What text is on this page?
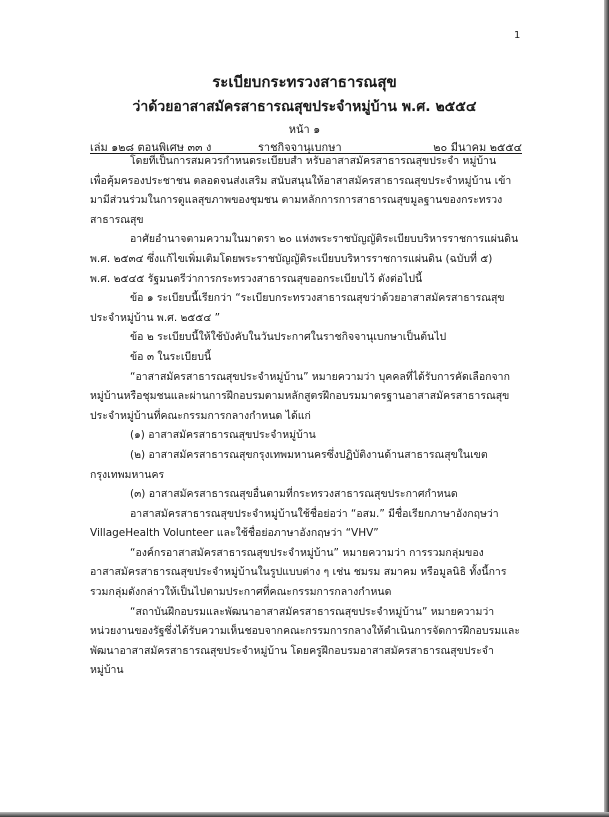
1
ระเบียบกระทรวงสาธารณสุข
ว่าด้วยอาสาสมัครสาธารณสุขประจำหมู่บ้าน พ.ศ. ๒๕๕๔
หน้า ๑
เล่ม ๑๒๘ ตอนพิเศษ ๓๓ ง	ราชกิจจานุเบกษา	๒๐ มีนาคม ๒๕๕๔
โดยที่เป็นการสมควรกำหนดระเบียบสำ หรับอาสาสมัครสาธารณสุขประจำ หมู่บ้าน
เพื่อคุ้มครองประชาชน ตลอดจนส่งเสริม สนับสนุนให้อาสาสมัครสาธารณสุขประจำหมู่บ้าน เข้า
มามีส่วนร่วมในการดูแลสุขภาพของชุมชน ตามหลักการการสาธารณสุขมูลฐานของกระทรวง
สาธารณสุข
อาศัยอำนาจตามความในมาตรา ๒๐ แห่งพระราชบัญญัติระเบียบบริหารราชการแผ่นดิน
พ.ศ. ๒๕๓๔ ซึ่งแก้ไขเพิ่มเติมโดยพระราชบัญญัติระเบียบบริหารราชการแผ่นดิน (ฉบับที่ ๕)
พ.ศ. ๒๕๔๕ รัฐมนตรีว่าการกระทรวงสาธารณสุขออกระเบียบไว้ ดังต่อไปนี้
ข้อ ๑ ระเบียบนี้เรียกว่า “ระเบียบกระทรวงสาธารณสุขว่าด้วยอาสาสมัครสาธารณสุข
ประจำหมู่บ้าน พ.ศ. ๒๕๕๔ ”
ข้อ ๒ ระเบียบนี้ให้ใช้บังคับในวันประกาศในราชกิจจานุเบกษาเป็นต้นไป
ข้อ ๓ ในระเบียบนี้
“อาสาสมัครสาธารณสุขประจำหมู่บ้าน” หมายความว่า บุคคลที่ได้รับการคัดเลือกจาก
หมู่บ้านหรือชุมชนและผ่านการฝึกอบรมตามหลักสูตรฝึกอบรมมาตรฐานอาสาสมัครสาธารณสุข
ประจำหมู่บ้านที่คณะกรรมการกลางกำหนด ได้แก่
(๑) อาสาสมัครสาธารณสุขประจำหมู่บ้าน
(๒) อาสาสมัครสาธารณสุขกรุงเทพมหานครซึ่งปฏิบัติงานด้านสาธารณสุขในเขต
กรุงเทพมหานคร
(๓) อาสาสมัครสาธารณสุขอื่นตามที่กระทรวงสาธารณสุขประกาศกำหนด
อาสาสมัครสาธารณสุขประจำหมู่บ้านใช้ชื่อย่อว่า “อสม.” มีชื่อเรียกภาษาอังกฤษว่า
VillageHealth Volunteer และใช้ชื่อย่อภาษาอังกฤษว่า “VHV”
“องค์กรอาสาสมัครสาธารณสุขประจำหมู่บ้าน” หมายความว่า การรวมกลุ่มของ
อาสาสมัครสาธารณสุขประจำหมู่บ้านในรูปแบบต่าง ๆ เช่น ชมรม สมาคม หรือมูลนิธิ ทั้งนี้การ
รวมกลุ่มดังกล่าวให้เป็นไปตามประกาศที่คณะกรรมการกลางกำหนด
“สถาบันฝึกอบรมและพัฒนาอาสาสมัครสาธารณสุขประจำหมู่บ้าน” หมายความว่า
หน่วยงานของรัฐซึ่งได้รับความเห็นชอบจากคณะกรรมการกลางให้ดำเนินการจัดการฝึกอบรมและ
พัฒนาอาสาสมัครสาธารณสุขประจำหมู่บ้าน โดยครูฝึกอบรมอาสาสมัครสาธารณสุขประจำ
หมู่บ้าน
